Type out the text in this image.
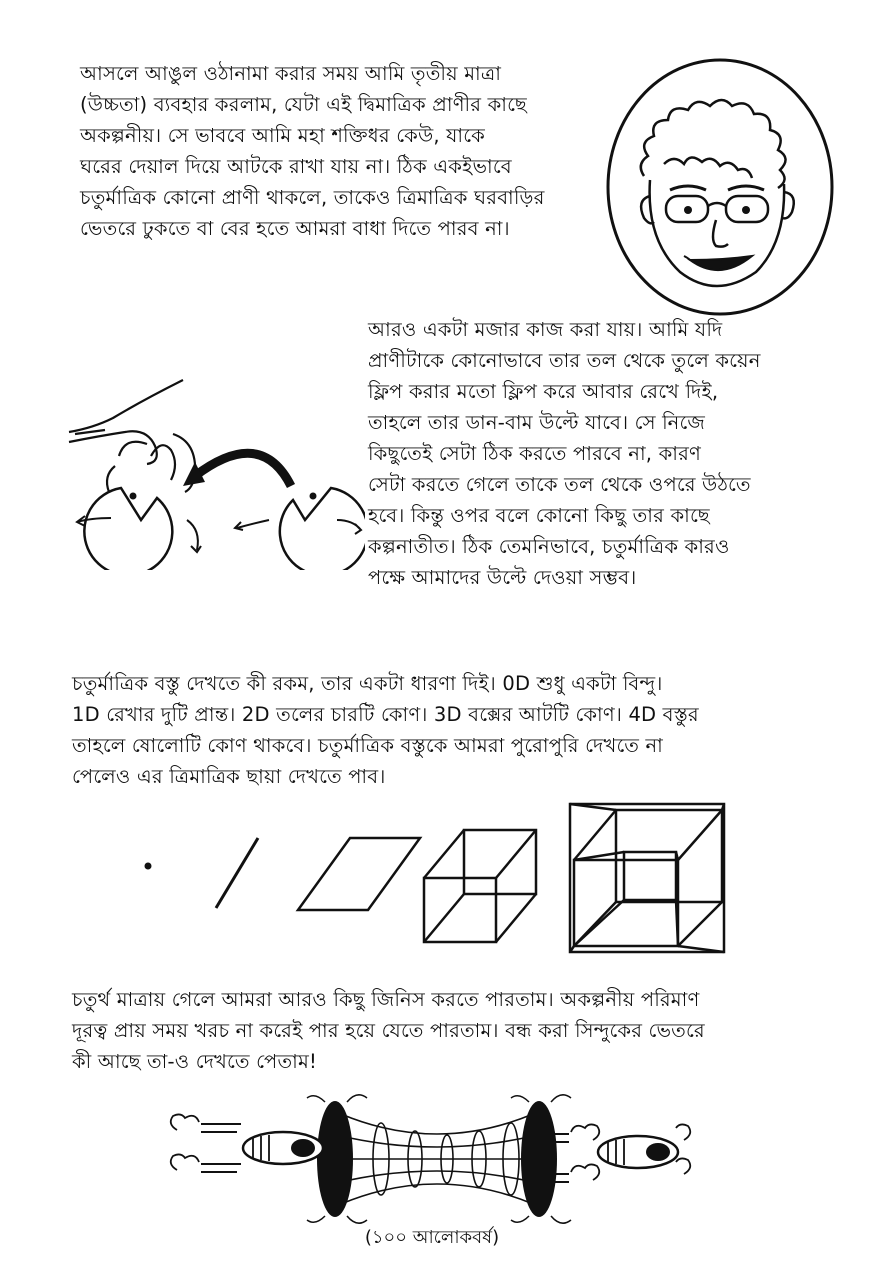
আসলে আঙুল ওঠানামা করার সময় আমি তৃতীয় মাত্রা
(উচ্চতা) ব্যবহার করলাম, যেটা এই দ্বিমাত্রিক প্রাণীর কাছে
অকল্পনীয়। সে ভাববে আমি মহা শক্তিধর কেউ, যাকে
ঘরের দেয়াল দিয়ে আটকে রাখা যায় না। ঠিক একইভাবে
চতুর্মাত্রিক কোনো প্রাণী থাকলে, তাকেও ত্রিমাত্রিক ঘরবাড়ির
ভেতরে ঢুকতে বা বের হতে আমরা বাধা দিতে পারব না।
আরও একটা মজার কাজ করা যায়। আমি যদি
প্রাণীটাকে কোনোভাবে তার তল থেকে তুলে কয়েন
ফ্লিপ করার মতো ফ্লিপ করে আবার রেখে দিই,
তাহলে তার ডান-বাম উল্টে যাবে। সে নিজে
কিছুতেই সেটা ঠিক করতে পারবে না, কারণ
সেটা করতে গেলে তাকে তল থেকে ওপরে উঠতে
হবে। কিন্তু ওপর বলে কোনো কিছু তার কাছে
কল্পনাতীত। ঠিক তেমনিভাবে, চতুর্মাত্রিক কারও
পক্ষে আমাদের উল্টে দেওয়া সম্ভব।
চতুর্মাত্রিক বস্তু দেখতে কী রকম, তার একটা ধারণা দিই। 0D শুধু একটা বিন্দু।
1D রেখার দুটি প্রান্ত। 2D তলের চারটি কোণ। 3D বক্সের আটটি কোণ। 4D বস্তুর
তাহলে ষোলোটি কোণ থাকবে। চতুর্মাত্রিক বস্তুকে আমরা পুরোপুরি দেখতে না
পেলেও এর ত্রিমাত্রিক ছায়া দেখতে পাব।
চতুর্থ মাত্রায় গেলে আমরা আরও কিছু জিনিস করতে পারতাম। অকল্পনীয় পরিমাণ
দূরত্ব প্রায় সময় খরচ না করেই পার হয়ে যেতে পারতাম। বন্ধ করা সিন্দুকের ভেতরে
কী আছে তা-ও দেখতে পেতাম!
(১০০ আলোকবর্ষ)
